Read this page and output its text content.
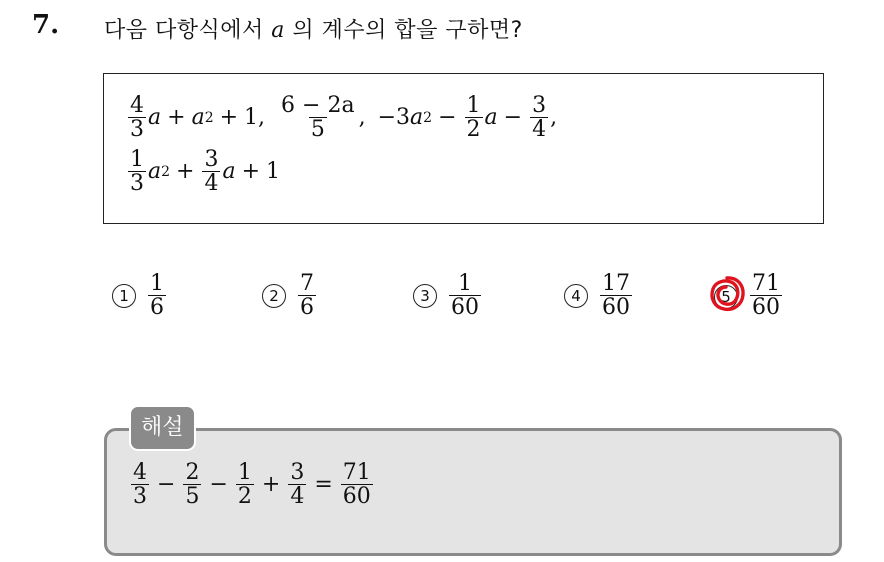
7. 다음 다항식에서 a 의 계수의 합을 구하면?
$\frac{4}{3}$ a + a 2 + 1, $\frac{6 - 2a}{5}$ , −3 a $2 - \frac{1}{2}$ $a - \frac{3}{4}$ ,
$\frac{1}{3}$ a $2 + \frac{3}{4}$ a + 1
$1 \frac{1}{6}$	$2 \frac{7}{6}$	$3 \frac{1}{60}$	$4 \frac{17}{60}$	$5 \frac{71}{60}$
$\frac{4}{3} - \frac{2}{5} - \frac{1}{2} + \frac{3}{4} = \frac{71}{60}$
해설
